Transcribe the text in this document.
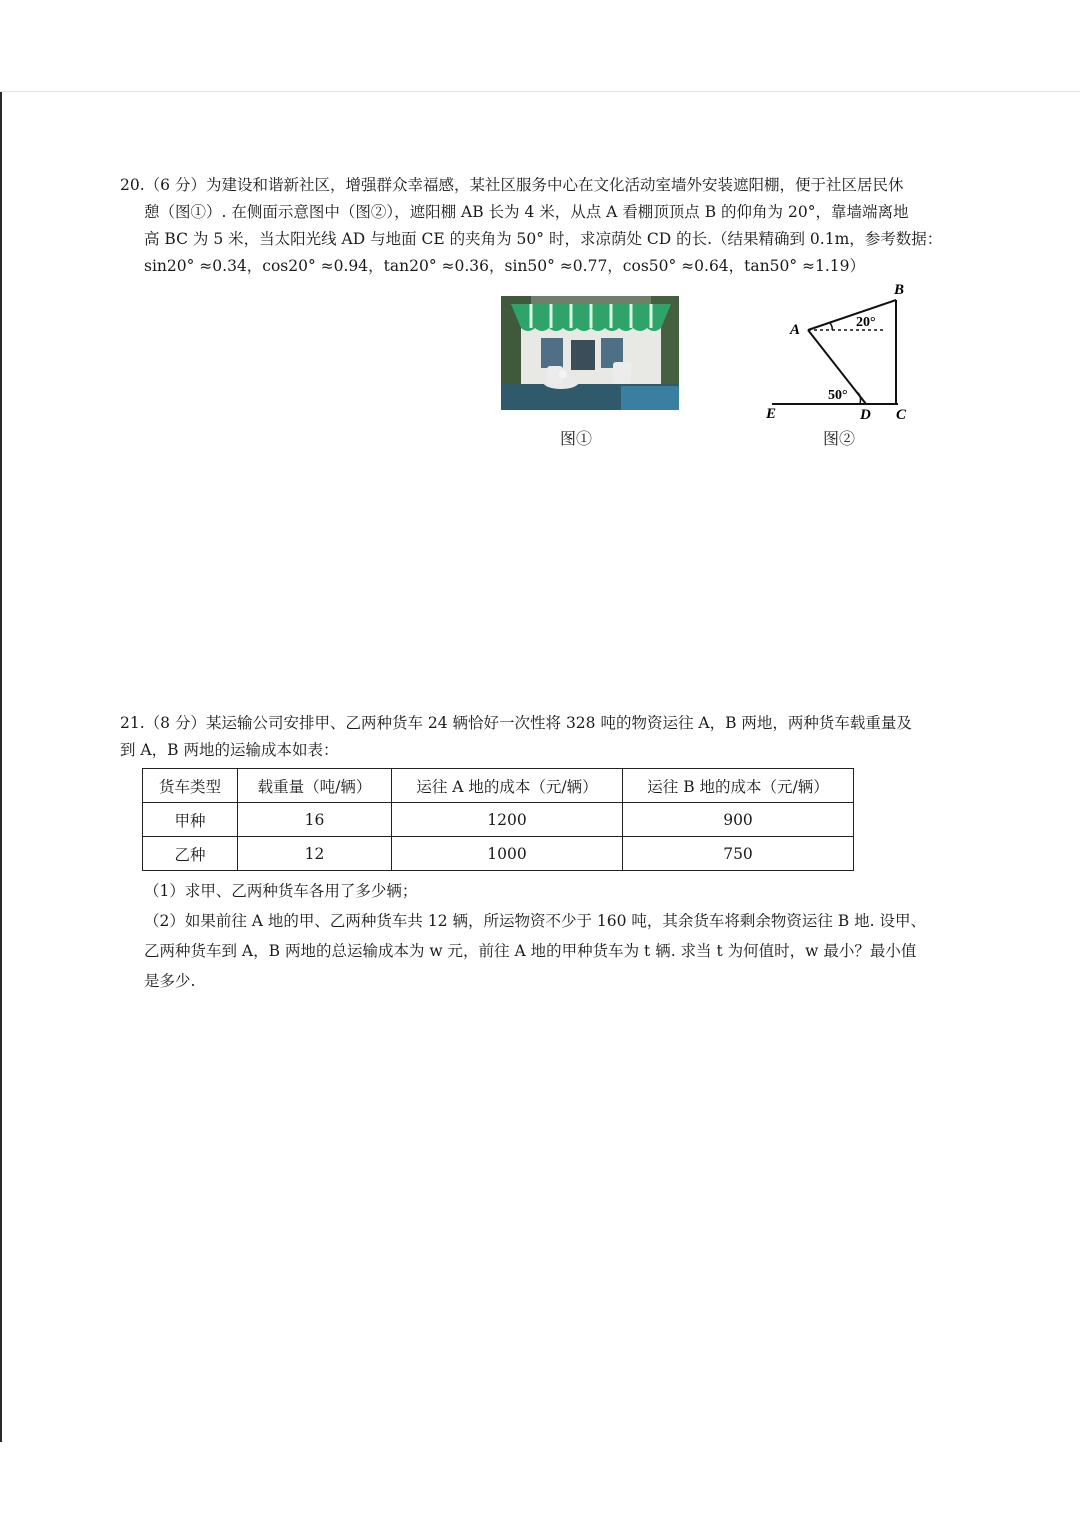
20.（6 分）为建设和谐新社区，增强群众幸福感，某社区服务中心在文化活动室墙外安装遮阳棚，便于社区居民休
憩（图①）. 在侧面示意图中（图②），遮阳棚 AB 长为 4 米，从点 A 看棚顶顶点 B 的仰角为 20°，靠墙端离地
高 BC 为 5 米，当太阳光线 AD 与地面 CE 的夹角为 50° 时，求凉荫处 CD 的长.（结果精确到 0.1m，参考数据：
sin20° ≈0.34，cos20° ≈0.94，tan20° ≈0.36，sin50° ≈0.77，cos50° ≈0.64，tan50° ≈1.19）
图①
A
B
C
D
E
20°
50°
图②
21.（8 分）某运输公司安排甲、乙两种货车 24 辆恰好一次性将 328 吨的物资运往 A，B 两地，两种货车载重量及
到 A，B 两地的运输成本如表：
货车类型	载重量（吨/辆）	运往 A 地的成本（元/辆）	运往 B 地的成本（元/辆）
甲种	16	1200	900
乙种	12	1000	750
（1）求甲、乙两种货车各用了多少辆；
（2）如果前往 A 地的甲、乙两种货车共 12 辆，所运物资不少于 160 吨，其余货车将剩余物资运往 B 地. 设甲、
乙两种货车到 A，B 两地的总运输成本为 w 元，前往 A 地的甲种货车为 t 辆. 求当 t 为何值时，w 最小？最小值
是多少.
